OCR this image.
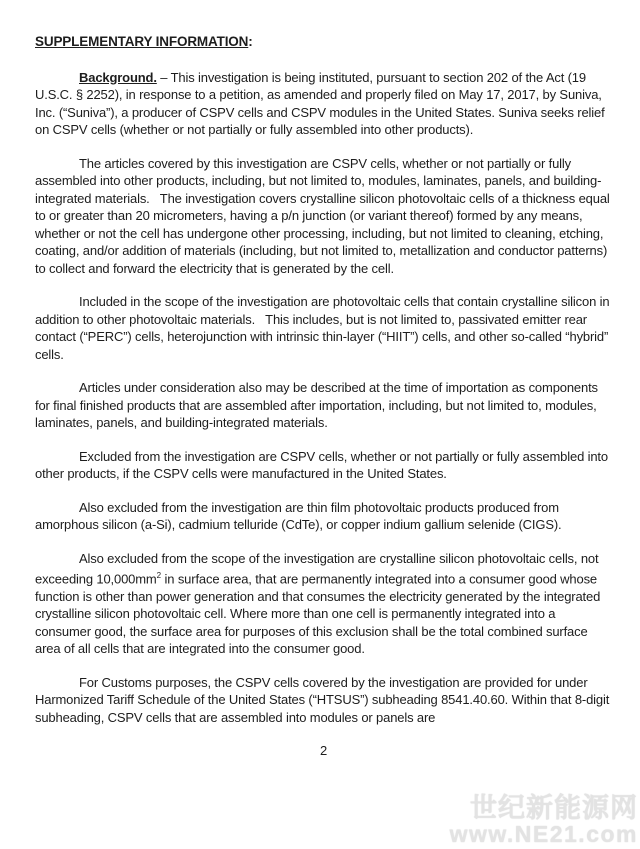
SUPPLEMENTARY INFORMATION:

Background. – This investigation is being instituted, pursuant to section 202 of the Act (19 U.S.C. § 2252), in response to a petition, as amended and properly filed on May 17, 2017, by Suniva, Inc. (“Suniva”), a producer of CSPV cells and CSPV modules in the United States. Suniva seeks relief on CSPV cells (whether or not partially or fully assembled into other products).

The articles covered by this investigation are CSPV cells, whether or not partially or fully assembled into other products, including, but not limited to, modules, laminates, panels, and building-integrated materials.   The investigation covers crystalline silicon photovoltaic cells of a thickness equal to or greater than 20 micrometers, having a p/n junction (or variant thereof) formed by any means, whether or not the cell has undergone other processing, including, but not limited to cleaning, etching, coating, and/or addition of materials (including, but not limited to, metallization and conductor patterns) to collect and forward the electricity that is generated by the cell.

Included in the scope of the investigation are photovoltaic cells that contain crystalline silicon in addition to other photovoltaic materials.   This includes, but is not limited to, passivated emitter rear contact (“PERC”) cells, heterojunction with intrinsic thin-layer (“HIIT”) cells, and other so-called “hybrid” cells.

Articles under consideration also may be described at the time of importation as components for final finished products that are assembled after importation, including, but not limited to, modules, laminates, panels, and building-integrated materials.

Excluded from the investigation are CSPV cells, whether or not partially or fully assembled into other products, if the CSPV cells were manufactured in the United States.

Also excluded from the investigation are thin film photovoltaic products produced from amorphous silicon (a-Si), cadmium telluride (CdTe), or copper indium gallium selenide (CIGS).

Also excluded from the scope of the investigation are crystalline silicon photovoltaic cells, not exceeding $10,000mm^2$ in surface area, that are permanently integrated into a consumer good whose function is other than power generation and that consumes the electricity generated by the integrated crystalline silicon photovoltaic cell. Where more than one cell is permanently integrated into a consumer good, the surface area for purposes of this exclusion shall be the total combined surface area of all cells that are integrated into the consumer good.

For Customs purposes, the CSPV cells covered by the investigation are provided for under Harmonized Tariff Schedule of the United States (“HTSUS”) subheading 8541.40.60. Within that 8-digit subheading, CSPV cells that are assembled into modules or panels are

2
世纪新能源网
www.NE21.com
